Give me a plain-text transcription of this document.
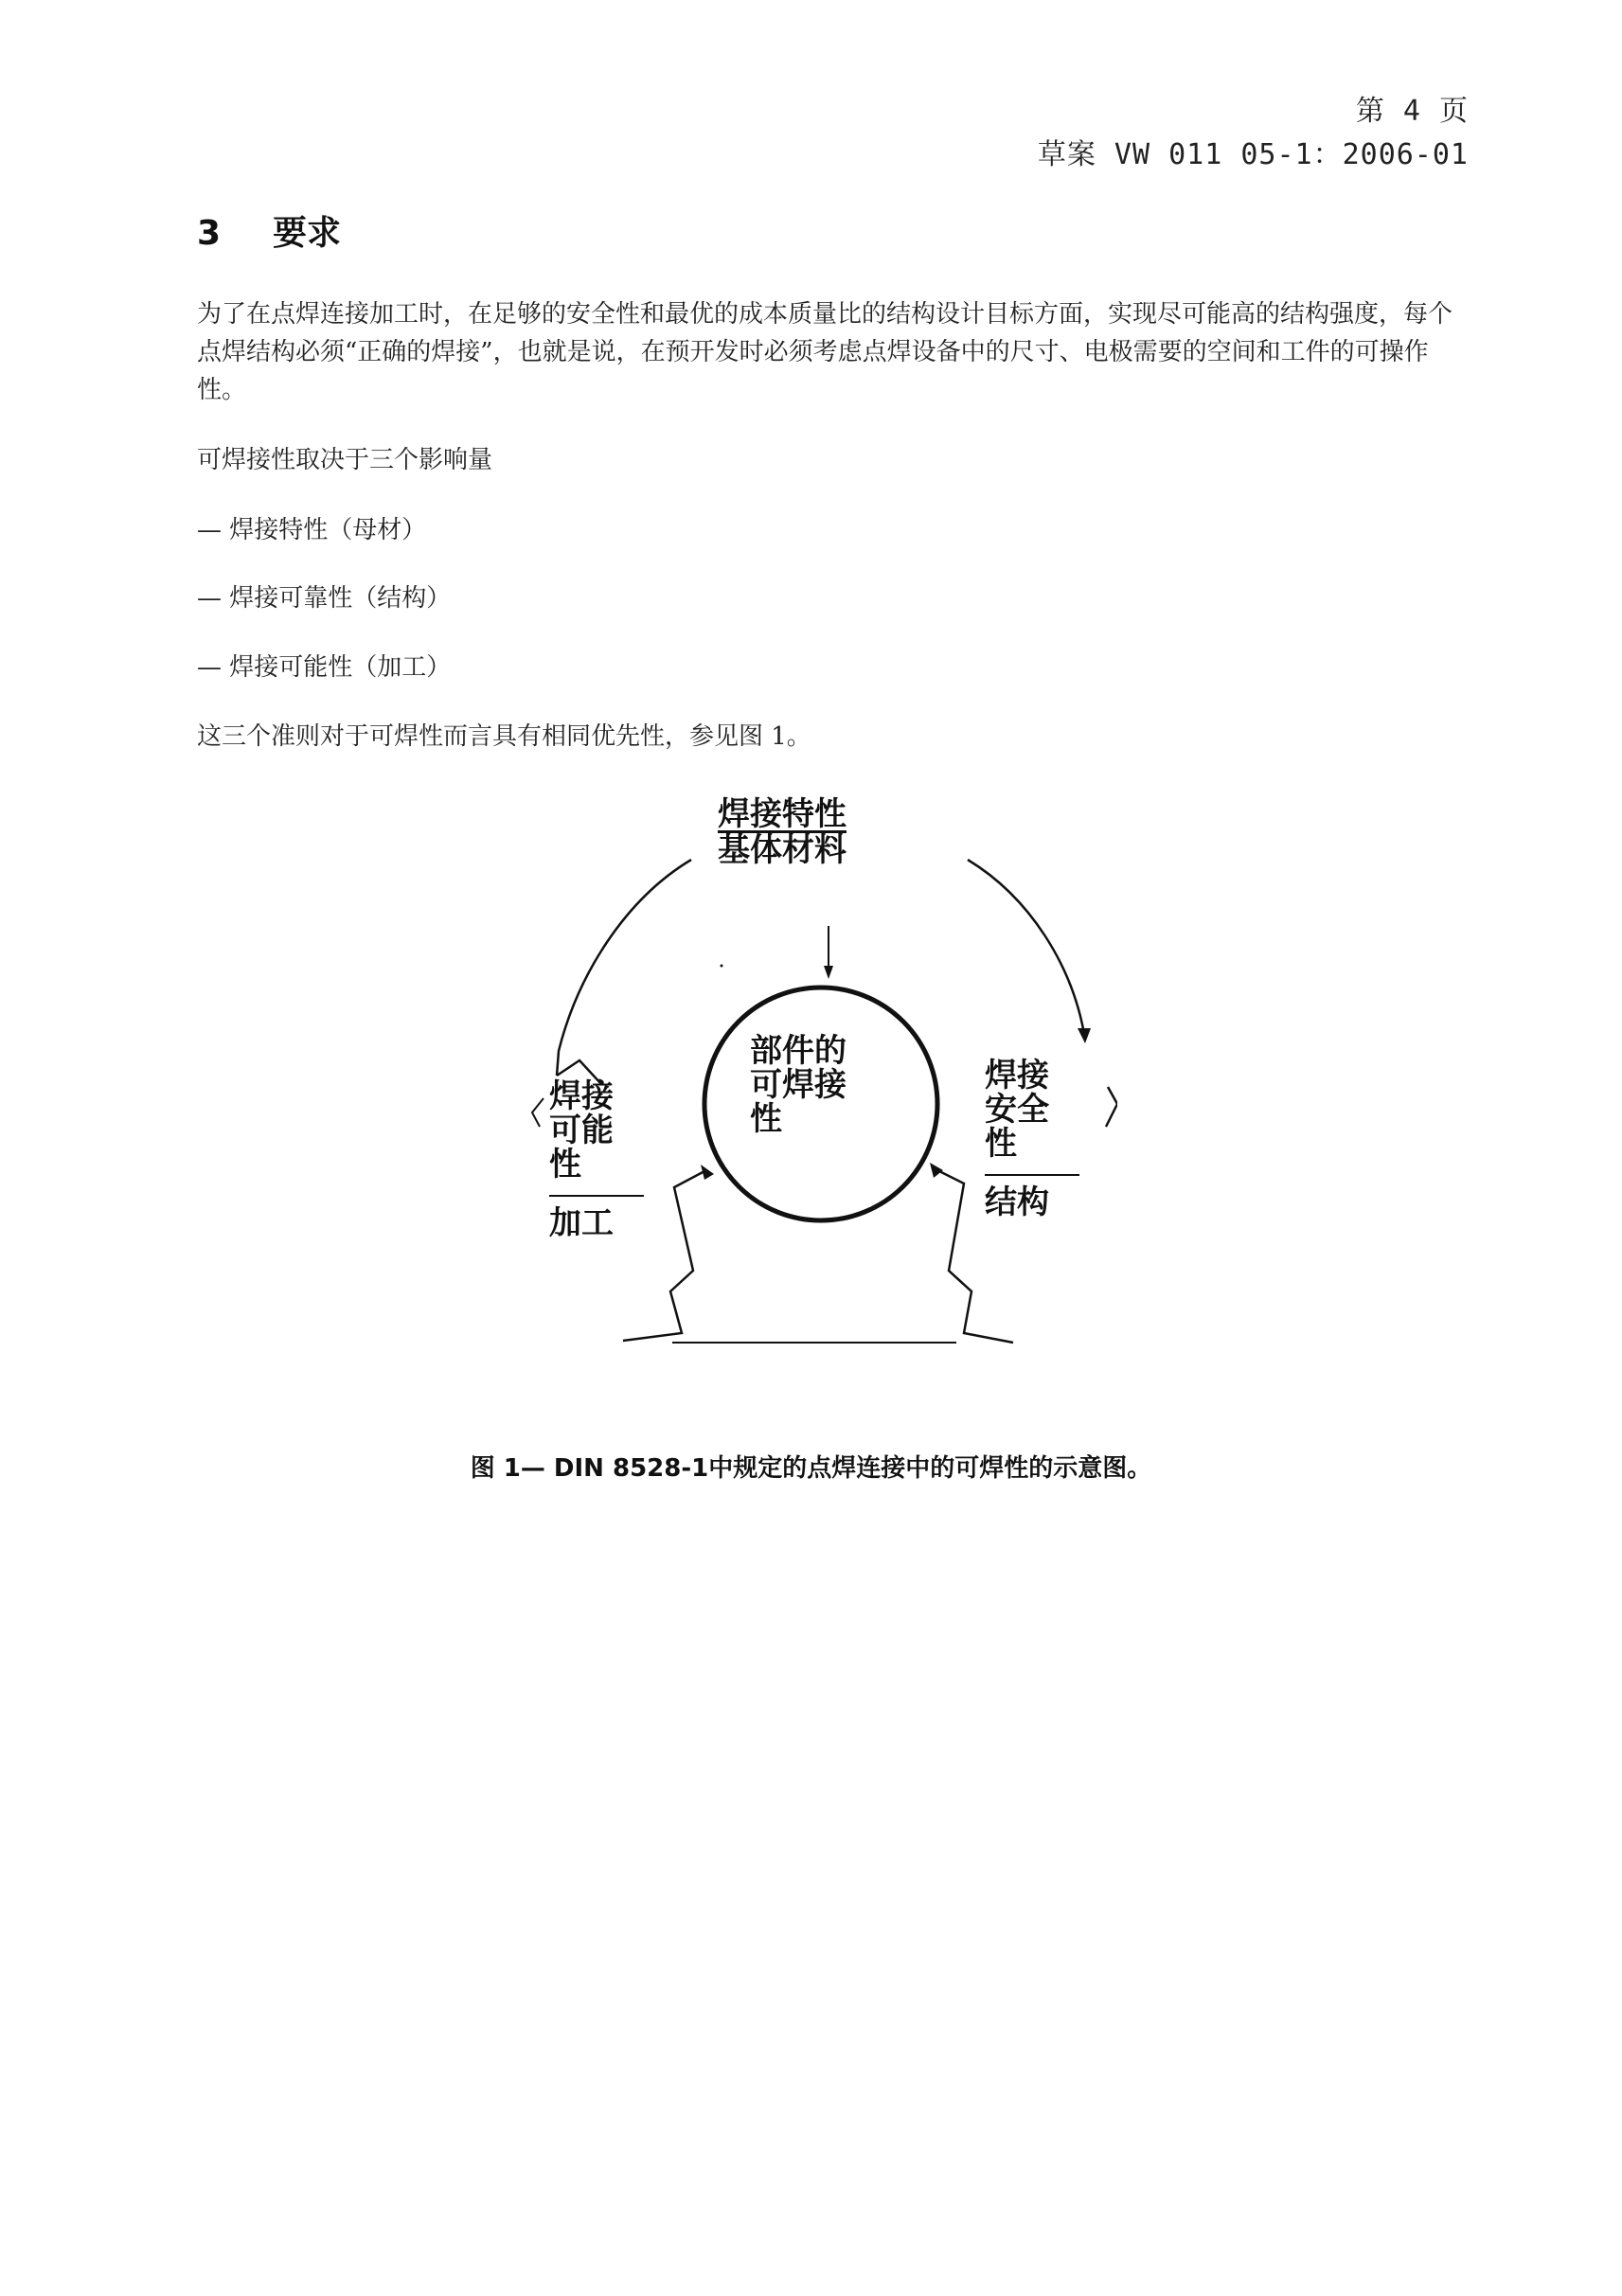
第 4 页
草案 VW 011 05-1：2006-01
3 要求

为了在点焊连接加工时，在足够的安全性和最优的成本质量比的结构设计目标方面，实现尽可能高的结构强度，每个点焊结构必须“正确的焊接”，也就是说，在预开发时必须考虑点焊设备中的尺寸、电极需要的空间和工件的可操作性。

可焊接性取决于三个影响量

— 焊接特性（母材）

— 焊接可靠性（结构）

— 焊接可能性（加工）

这三个准则对于可焊性而言具有相同优先性，参见图 1。

焊接特性
基体材料
部件的
可焊接
性
焊接
可能
性
加工
焊接
安全
性
结构
图 1— DIN 8528-1中规定的点焊连接中的可焊性的示意图。
